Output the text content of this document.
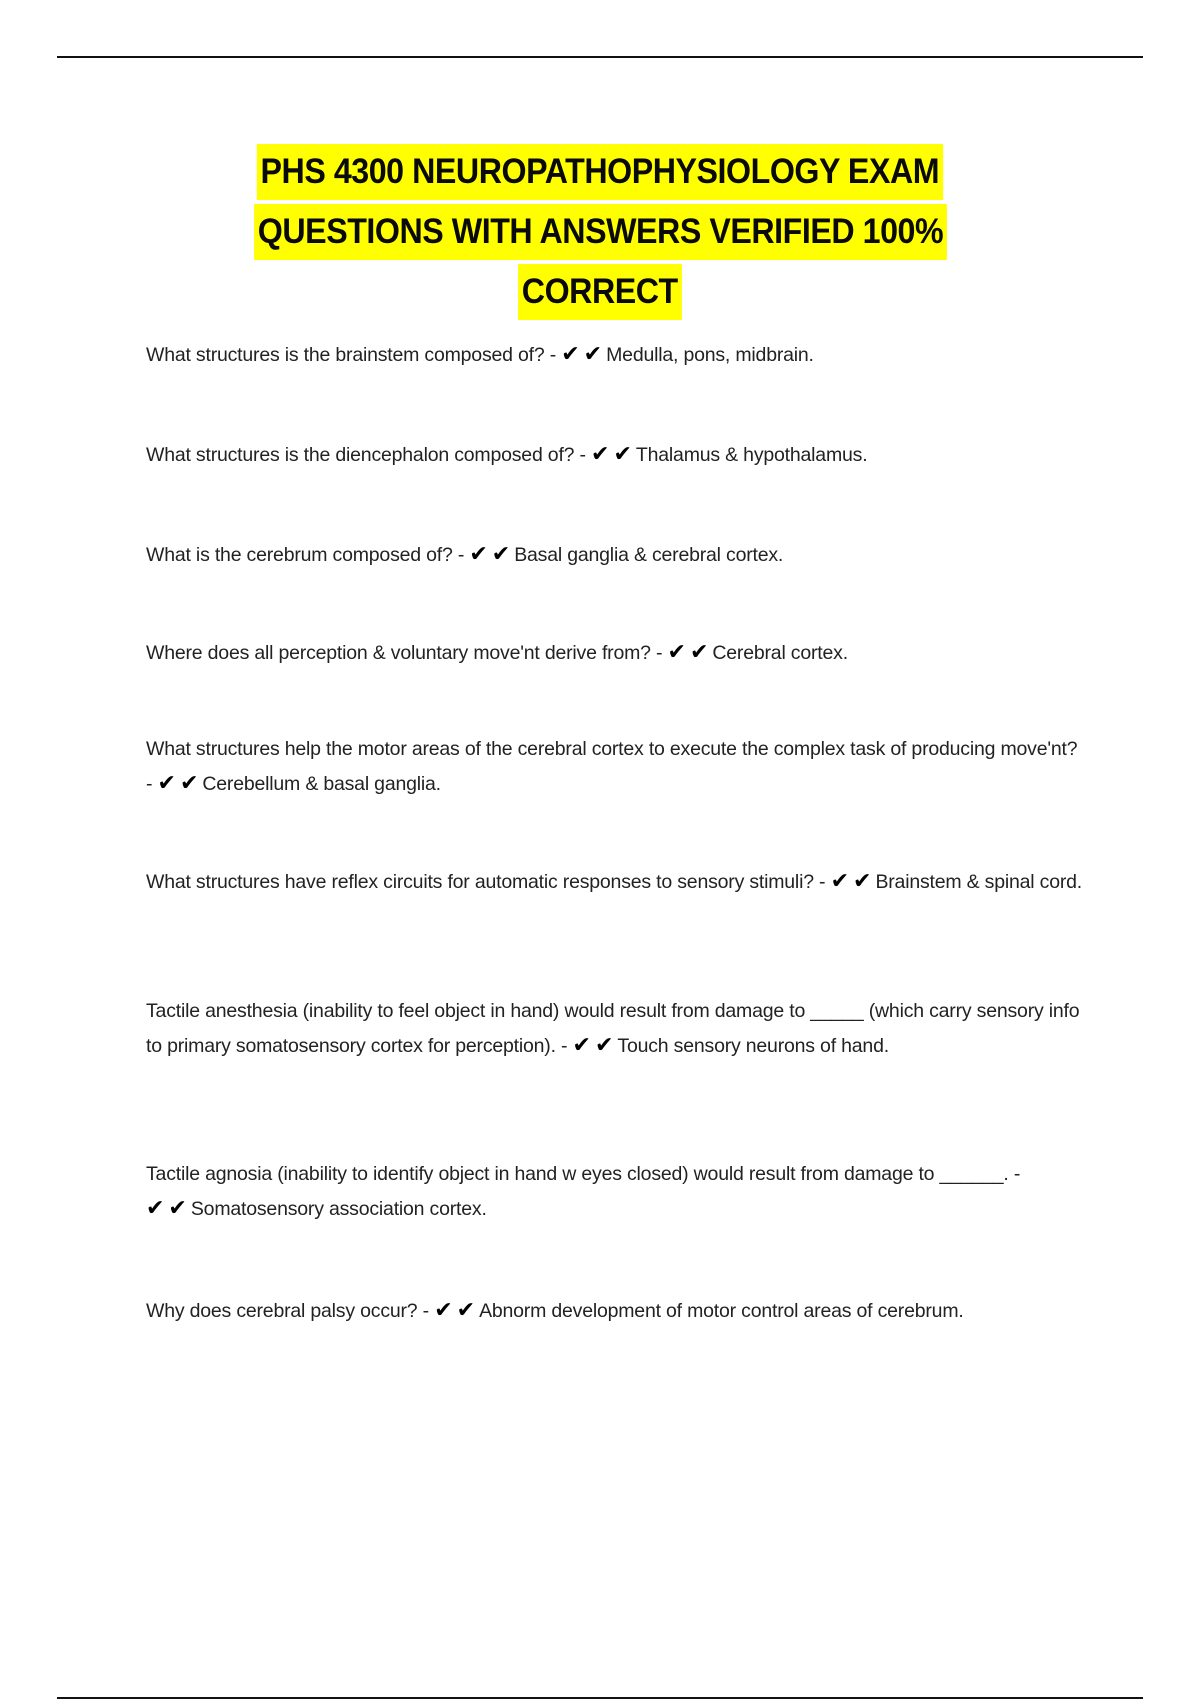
PHS 4300 NEUROPATHOPHYSIOLOGY EXAM
QUESTIONS WITH ANSWERS VERIFIED 100%
CORRECT
What structures is the brainstem composed of? - ✔✔Medulla, pons, midbrain.
What structures is the diencephalon composed of? - ✔✔Thalamus & hypothalamus.
What is the cerebrum composed of? - ✔✔Basal ganglia & cerebral cortex.
Where does all perception & voluntary move'nt derive from? - ✔✔Cerebral cortex.
What structures help the motor areas of the cerebral cortex to execute the complex task of producing move'nt? - ✔✔Cerebellum & basal ganglia.
What structures have reflex circuits for automatic responses to sensory stimuli? - ✔✔Brainstem & spinal cord.
Tactile anesthesia (inability to feel object in hand) would result from damage to _____ (which carry sensory info to primary somatosensory cortex for perception). - ✔✔Touch sensory neurons of hand.
Tactile agnosia (inability to identify object in hand w eyes closed) would result from damage to ______. - ✔✔Somatosensory association cortex.
Why does cerebral palsy occur? - ✔✔Abnorm development of motor control areas of cerebrum.
